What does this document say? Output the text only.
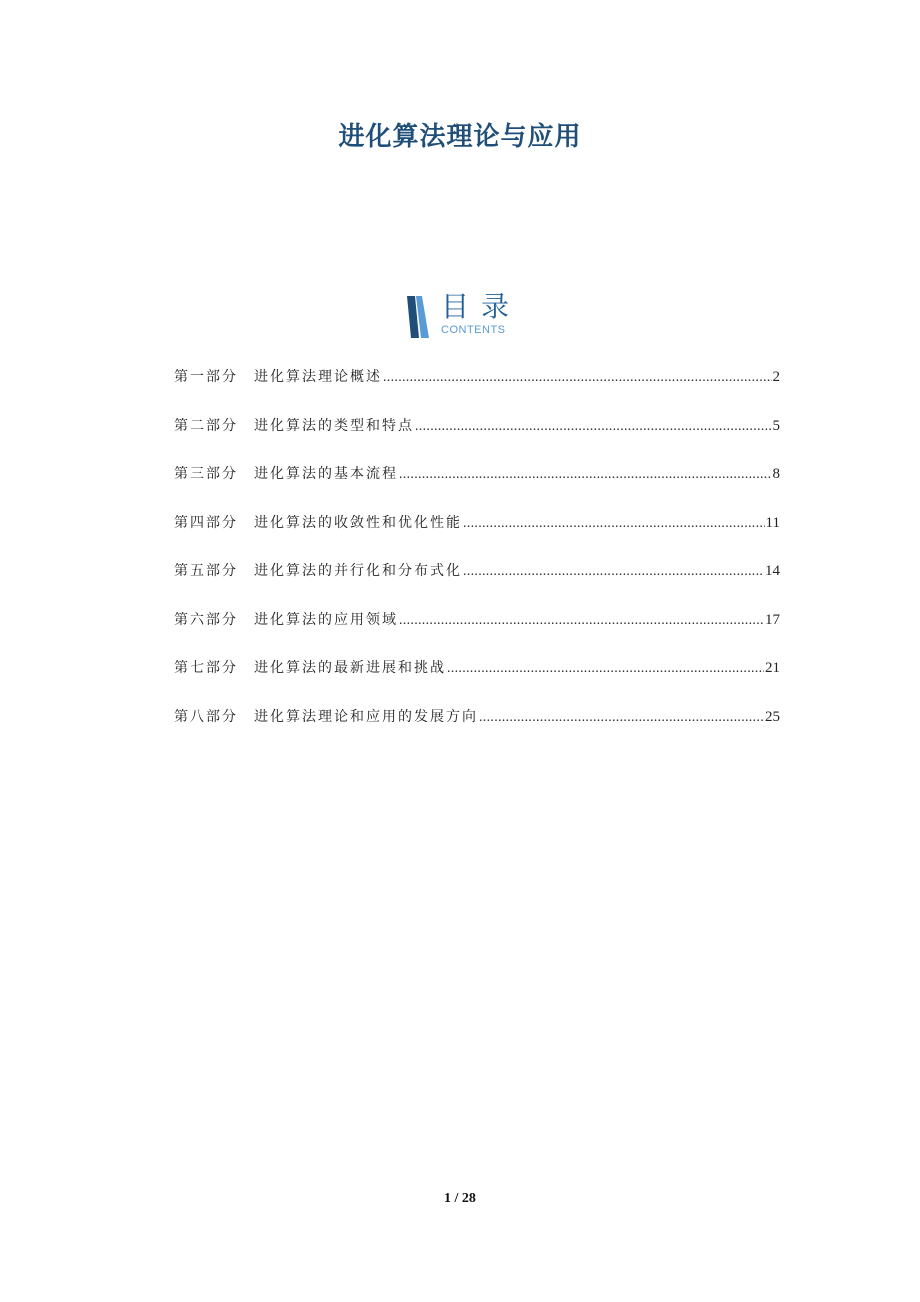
进化算法理论与应用
目录
CONTENTS
第一部分	进化算法理论概述 .....	2
第二部分	进化算法的类型和特点 .....	5
第三部分	进化算法的基本流程 .....	8
第四部分	进化算法的收敛性和优化性能 .....	11
第五部分	进化算法的并行化和分布式化 .....	14
第六部分	进化算法的应用领域 .....	17
第七部分	进化算法的最新进展和挑战 .....	21
第八部分	进化算法理论和应用的发展方向 .....	25
1 / 28
